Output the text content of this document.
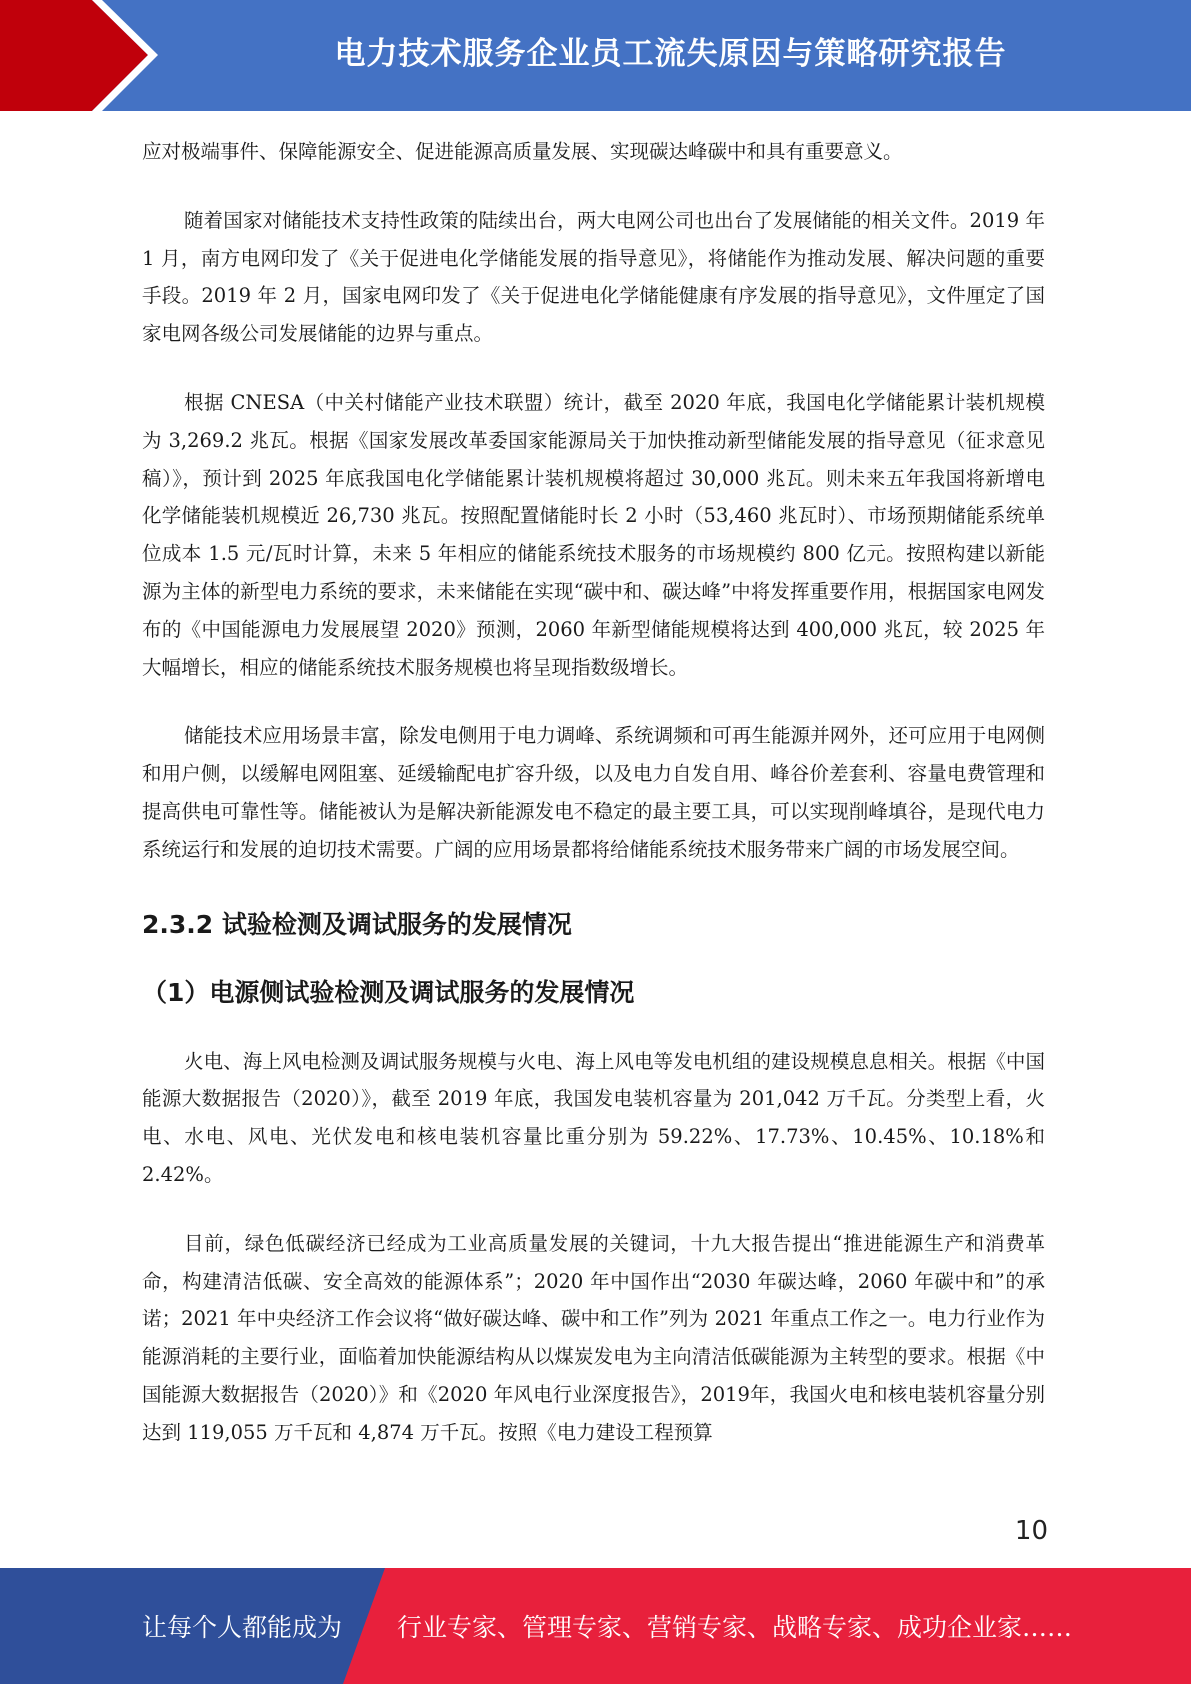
电力技术服务企业员工流失原因与策略研究报告

应对极端事件、保障能源安全、促进能源高质量发展、实现碳达峰碳中和具有重要意义。

随着国家对储能技术支持性政策的陆续出台，两大电网公司也出台了发展储能的相关文件。2019 年 1 月，南方电网印发了《关于促进电化学储能发展的指导意见》，将储能作为推动发展、解决问题的重要手段。2019 年 2 月，国家电网印发了《关于促进电化学储能健康有序发展的指导意见》，文件厘定了国家电网各级公司发展储能的边界与重点。

根据 CNESA（中关村储能产业技术联盟）统计，截至 2020 年底，我国电化学储能累计装机规模为 3,269.2 兆瓦。根据《国家发展改革委国家能源局关于加快推动新型储能发展的指导意见（征求意见稿）》，预计到 2025 年底我国电化学储能累计装机规模将超过 30,000 兆瓦。则未来五年我国将新增电化学储能装机规模近 26,730 兆瓦。按照配置储能时长 2 小时（53,460 兆瓦时）、市场预期储能系统单位成本 1.5 元/瓦时计算，未来 5 年相应的储能系统技术服务的市场规模约 800 亿元。按照构建以新能源为主体的新型电力系统的要求，未来储能在实现“碳中和、碳达峰”中将发挥重要作用，根据国家电网发布的《中国能源电力发展展望 2020》预测，2060 年新型储能规模将达到 400,000 兆瓦，较 2025 年大幅增长，相应的储能系统技术服务规模也将呈现指数级增长。

储能技术应用场景丰富，除发电侧用于电力调峰、系统调频和可再生能源并网外，还可应用于电网侧和用户侧，以缓解电网阻塞、延缓输配电扩容升级，以及电力自发自用、峰谷价差套利、容量电费管理和提高供电可靠性等。储能被认为是解决新能源发电不稳定的最主要工具，可以实现削峰填谷，是现代电力系统运行和发展的迫切技术需要。广阔的应用场景都将给储能系统技术服务带来广阔的市场发展空间。

2.3.2 试验检测及调试服务的发展情况
（1）电源侧试验检测及调试服务的发展情况

火电、海上风电检测及调试服务规模与火电、海上风电等发电机组的建设规模息息相关。根据《中国能源大数据报告（2020）》，截至 2019 年底，我国发电装机容量为 201,042 万千瓦。分类型上看，火电、水电、风电、光伏发电和核电装机容量比重分别为 59.22%、17.73%、10.45%、10.18%和 2.42%。

目前，绿色低碳经济已经成为工业高质量发展的关键词，十九大报告提出“推进能源生产和消费革命，构建清洁低碳、安全高效的能源体系”；2020 年中国作出“2030 年碳达峰，2060 年碳中和”的承诺；2021 年中央经济工作会议将“做好碳达峰、碳中和工作”列为 2021 年重点工作之一。电力行业作为能源消耗的主要行业，面临着加快能源结构从以煤炭发电为主向清洁低碳能源为主转型的要求。根据《中国能源大数据报告（2020）》和《2020 年风电行业深度报告》，2019年，我国火电和核电装机容量分别达到 119,055 万千瓦和 4,874 万千瓦。按照《电力建设工程预算

10
让每个人都能成为 行业专家、管理专家、营销专家、战略专家、成功企业家……
